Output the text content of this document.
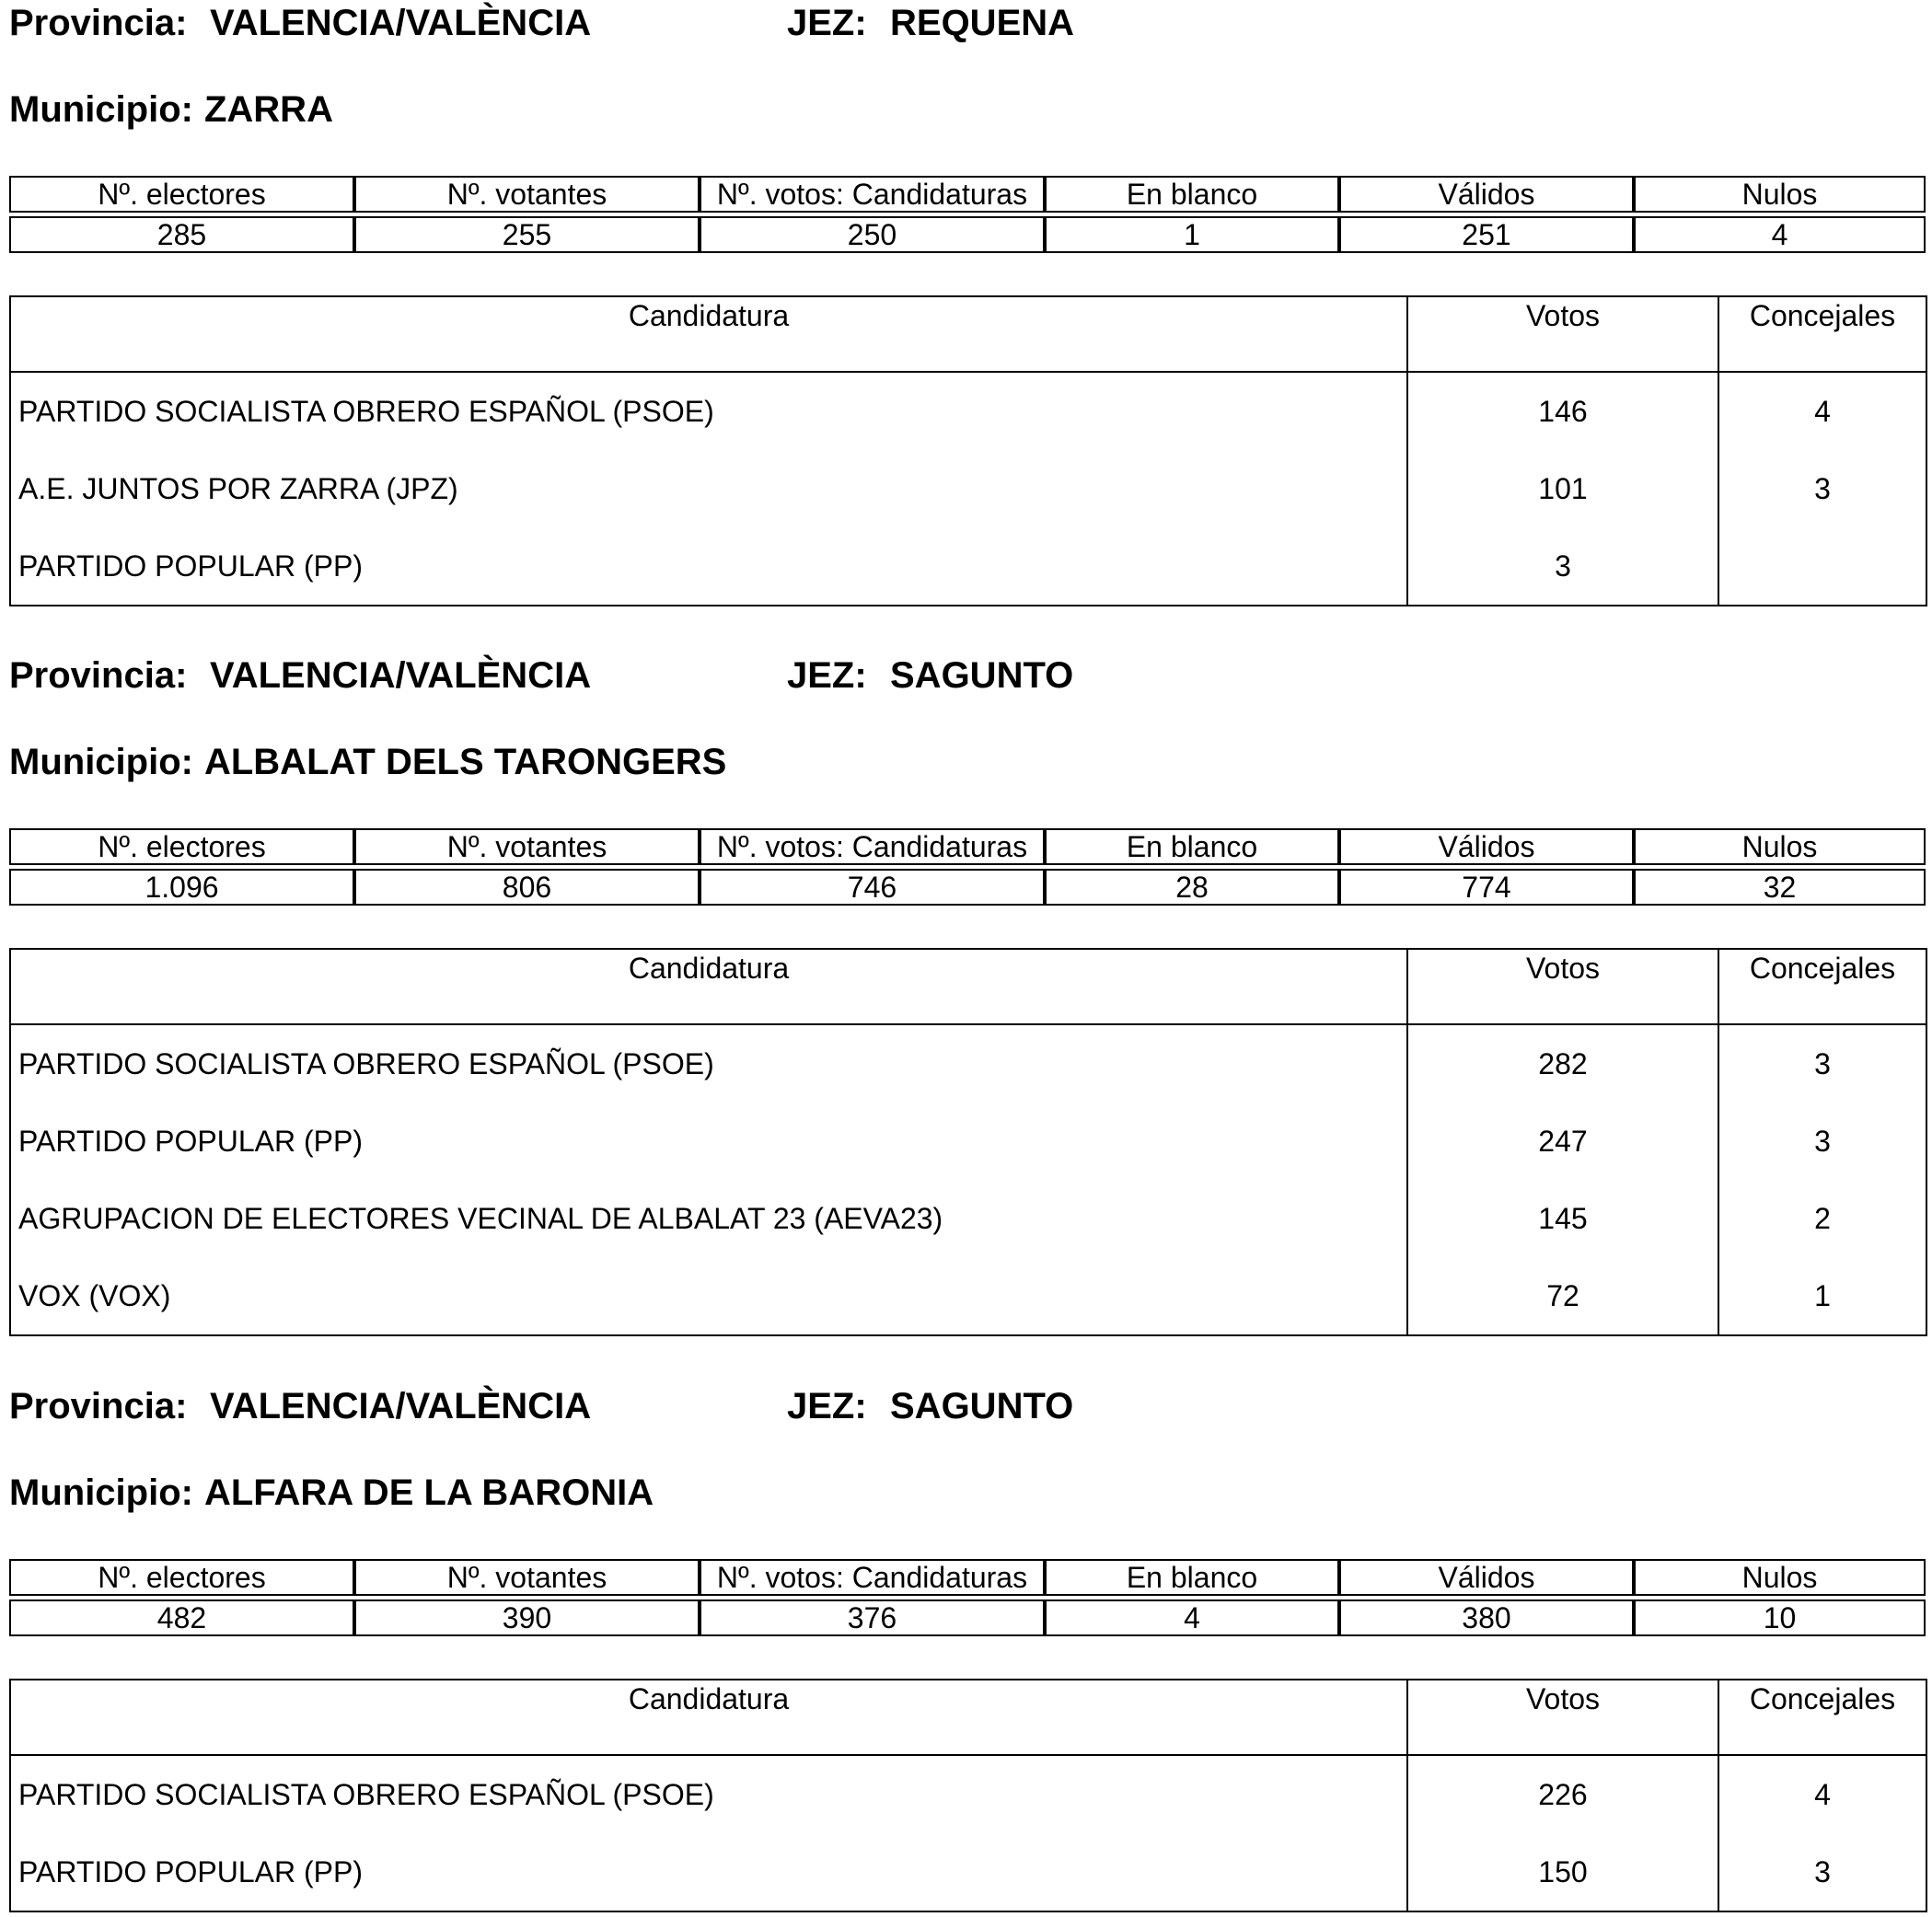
Provincia: VALENCIA/VALÈNCIA	JEZ: REQUENA
Municipio: ZARRA
Nº. electores	Nº. votantes	Nº. votos: Candidaturas	En blanco	Válidos	Nulos

285	255	250	1	251	4
Candidatura	Votos	Concejales
PARTIDO SOCIALISTA OBRERO ESPAÑOL (PSOE)	146	4
A.E. JUNTOS POR ZARRA (JPZ)	101	3
PARTIDO POPULAR (PP)	3	
Provincia: VALENCIA/VALÈNCIA	JEZ: SAGUNTO
Municipio: ALBALAT DELS TARONGERS
Nº. electores	Nº. votantes	Nº. votos: Candidaturas	En blanco	Válidos	Nulos

1.096	806	746	28	774	32
Candidatura	Votos	Concejales
PARTIDO SOCIALISTA OBRERO ESPAÑOL (PSOE)	282	3
PARTIDO POPULAR (PP)	247	3
AGRUPACION DE ELECTORES VECINAL DE ALBALAT 23 (AEVA23)	145	2
VOX (VOX)	72	1
Provincia: VALENCIA/VALÈNCIA	JEZ: SAGUNTO
Municipio: ALFARA DE LA BARONIA
Nº. electores	Nº. votantes	Nº. votos: Candidaturas	En blanco	Válidos	Nulos

482	390	376	4	380	10
Candidatura	Votos	Concejales
PARTIDO SOCIALISTA OBRERO ESPAÑOL (PSOE)	226	4
PARTIDO POPULAR (PP)	150	3
